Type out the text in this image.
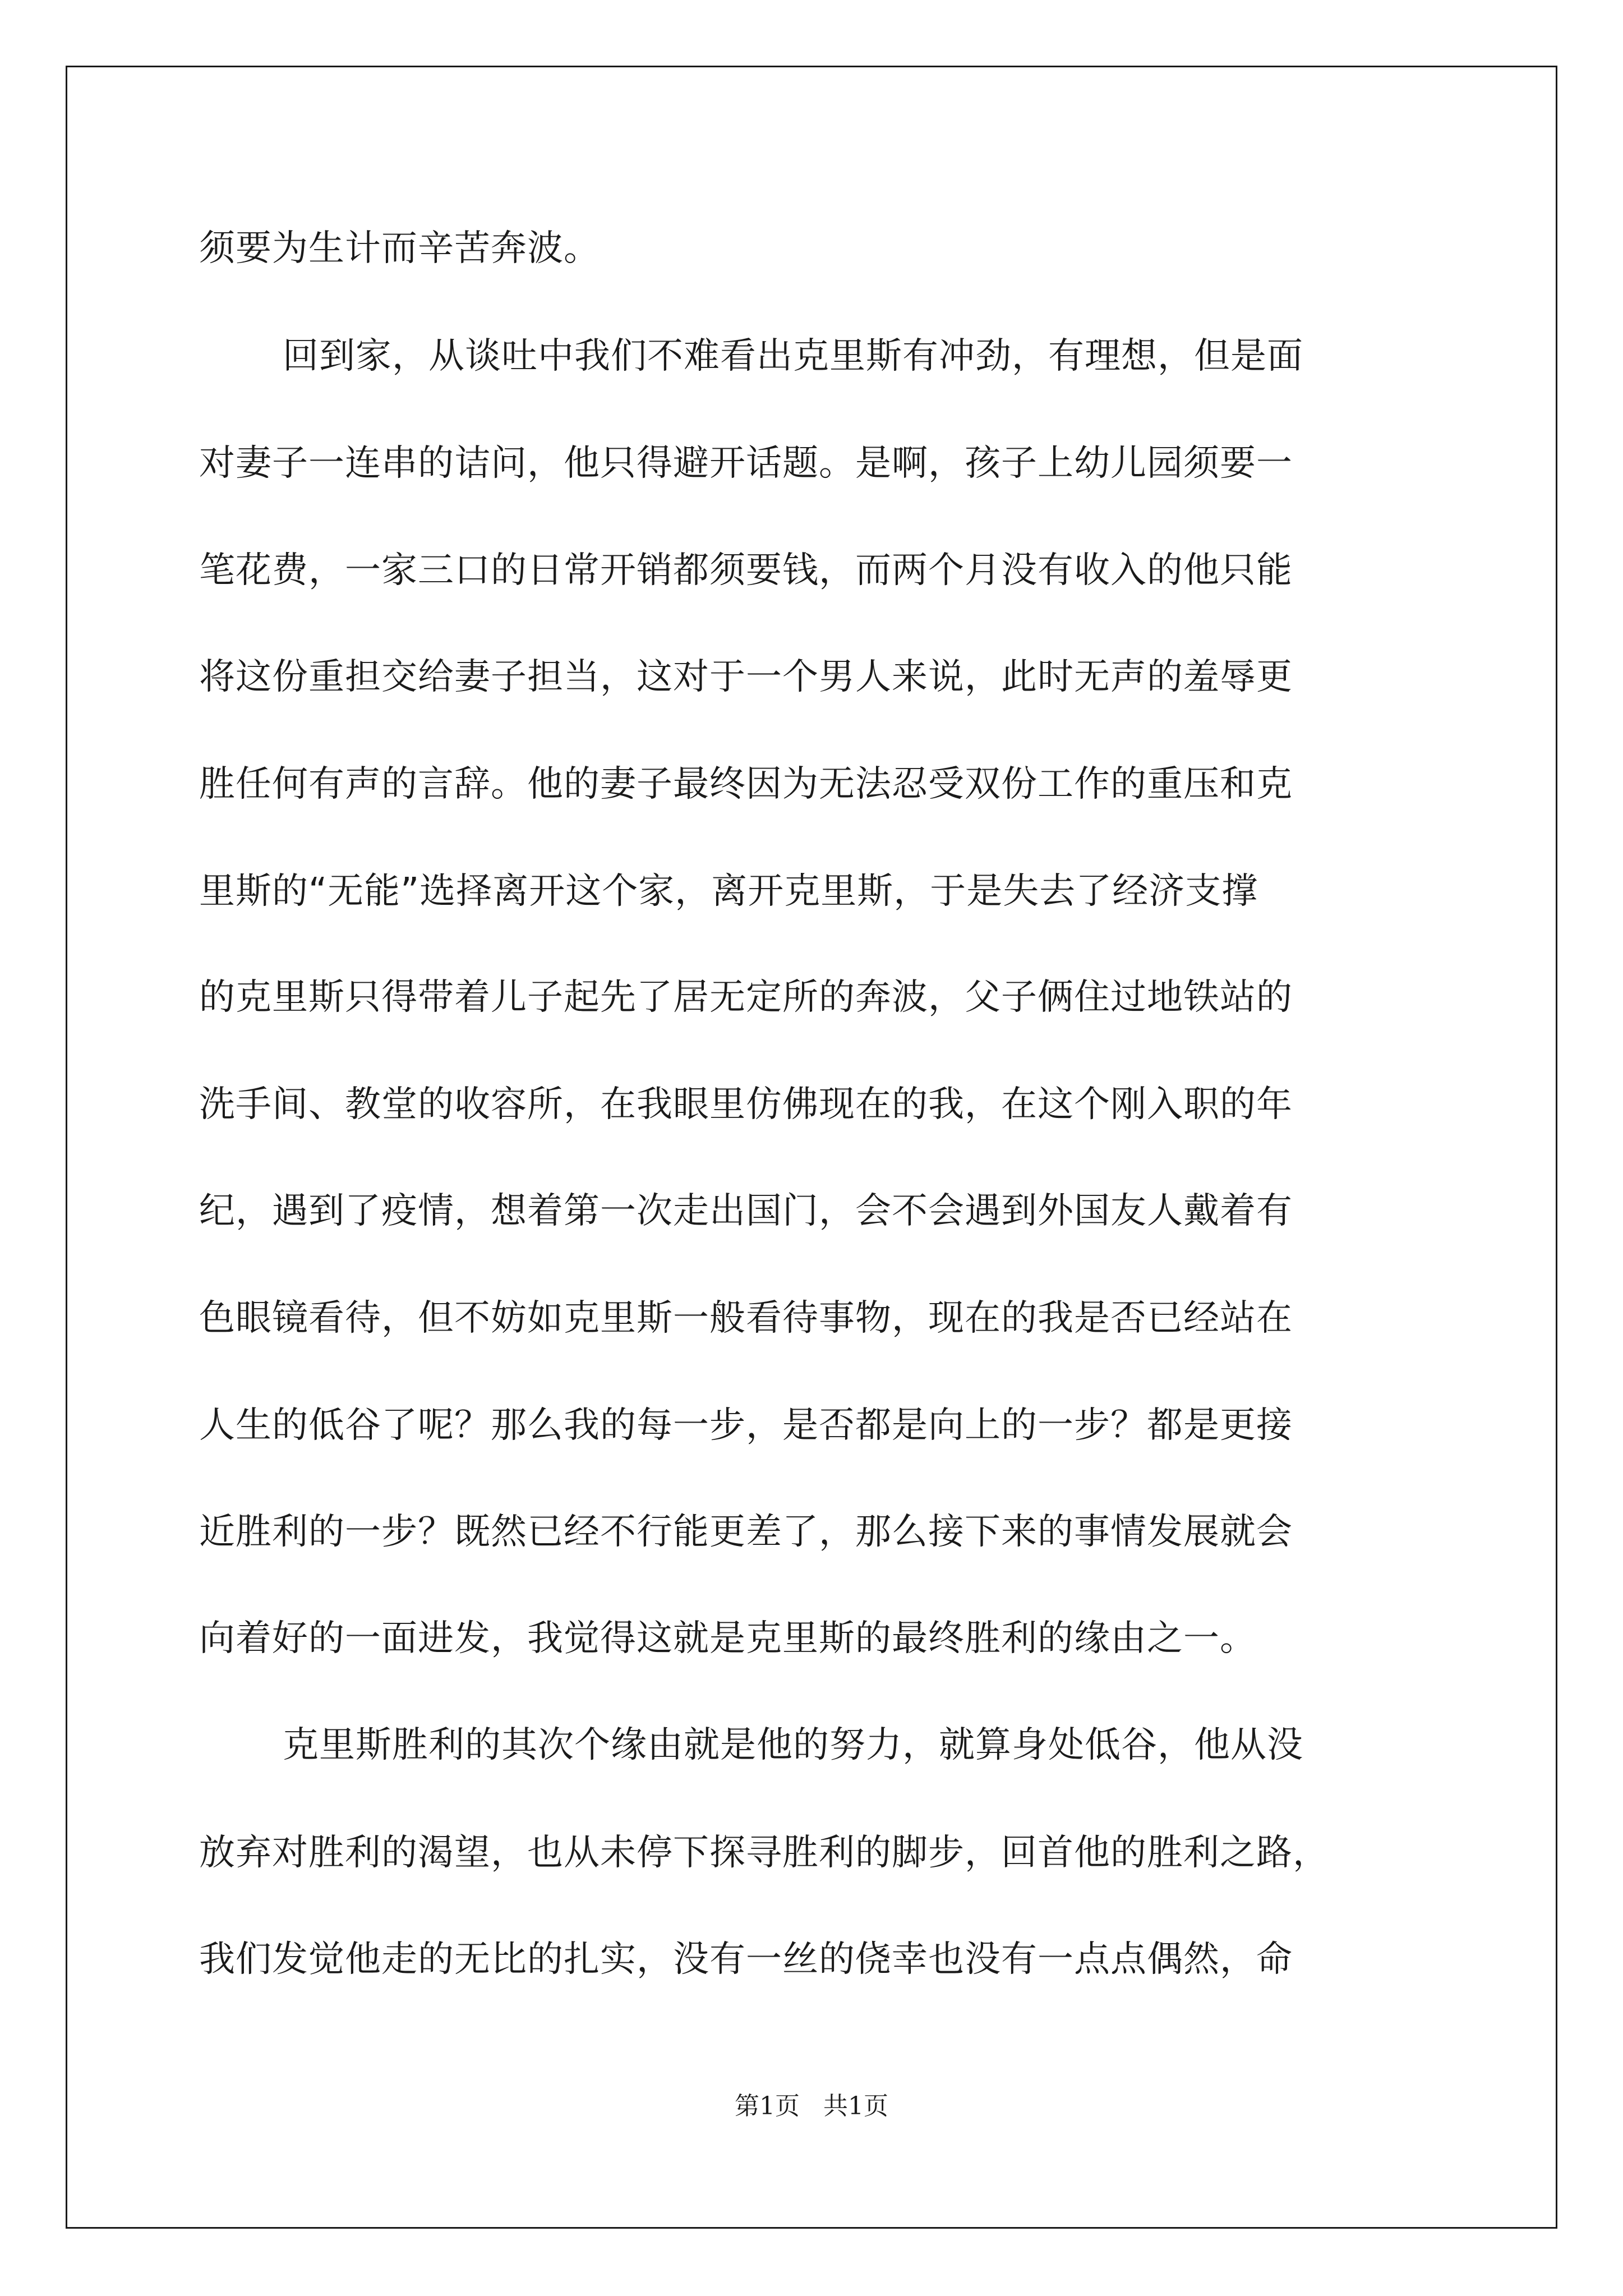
须要为生计而辛苦奔波。

回到家，从谈吐中我们不难看出克里斯有冲劲，有理想，但是面

对妻子一连串的诘问，他只得避开话题。是啊，孩子上幼儿园须要一

笔花费，一家三口的日常开销都须要钱，而两个月没有收入的他只能

将这份重担交给妻子担当，这对于一个男人来说，此时无声的羞辱更

胜任何有声的言辞。他的妻子最终因为无法忍受双份工作的重压和克

里斯的“无能”选择离开这个家，离开克里斯，于是失去了经济支撑

的克里斯只得带着儿子起先了居无定所的奔波，父子俩住过地铁站的

洗手间、教堂的收容所，在我眼里仿佛现在的我，在这个刚入职的年

纪，遇到了疫情，想着第一次走出国门，会不会遇到外国友人戴着有

色眼镜看待，但不妨如克里斯一般看待事物，现在的我是否已经站在

人生的低谷了呢？那么我的每一步，是否都是向上的一步？都是更接

近胜利的一步？既然已经不行能更差了，那么接下来的事情发展就会

向着好的一面进发，我觉得这就是克里斯的最终胜利的缘由之一。

克里斯胜利的其次个缘由就是他的努力，就算身处低谷，他从没

放弃对胜利的渴望，也从未停下探寻胜利的脚步，回首他的胜利之路，

我们发觉他走的无比的扎实，没有一丝的侥幸也没有一点点偶然，命

第1页 共1页
